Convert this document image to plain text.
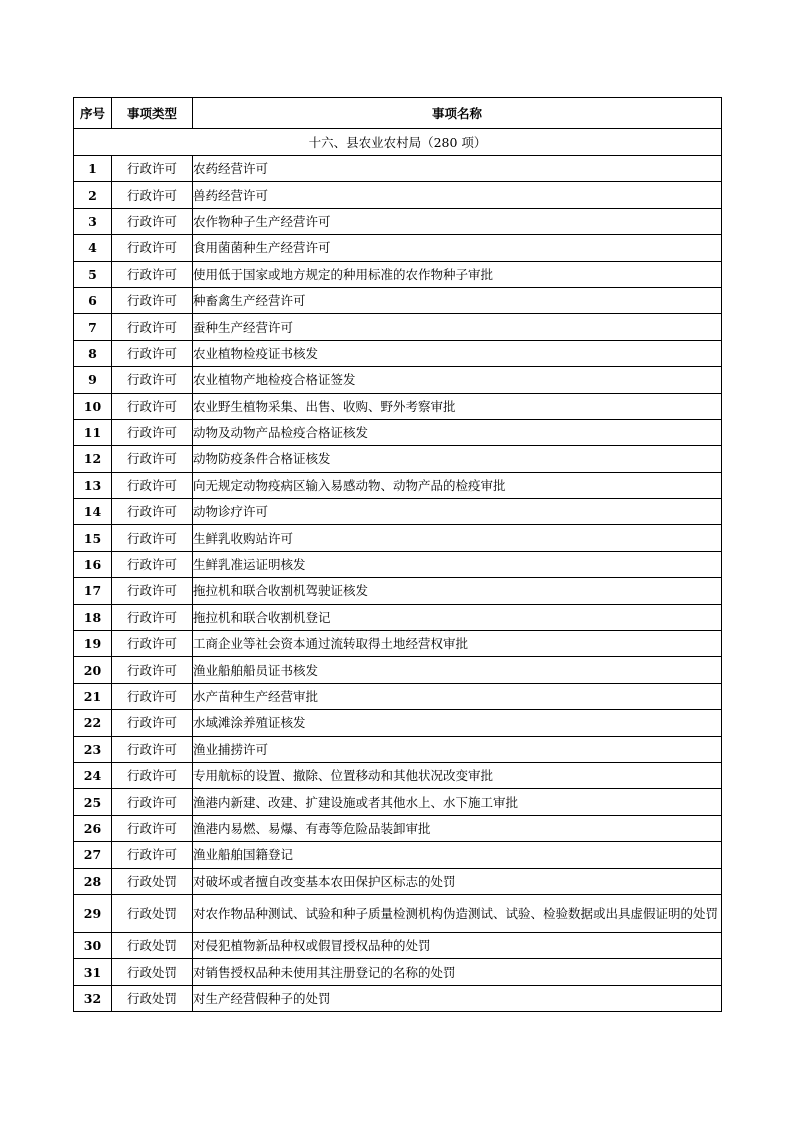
序号	事项类型	事项名称
十六、县农业农村局（280 项）		
1	行政许可	农药经营许可
2	行政许可	兽药经营许可
3	行政许可	农作物种子生产经营许可
4	行政许可	食用菌菌种生产经营许可
5	行政许可	使用低于国家或地方规定的种用标准的农作物种子审批
6	行政许可	种畜禽生产经营许可
7	行政许可	蚕种生产经营许可
8	行政许可	农业植物检疫证书核发
9	行政许可	农业植物产地检疫合格证签发
10	行政许可	农业野生植物采集、出售、收购、野外考察审批
11	行政许可	动物及动物产品检疫合格证核发
12	行政许可	动物防疫条件合格证核发
13	行政许可	向无规定动物疫病区输入易感动物、动物产品的检疫审批
14	行政许可	动物诊疗许可
15	行政许可	生鲜乳收购站许可
16	行政许可	生鲜乳准运证明核发
17	行政许可	拖拉机和联合收割机驾驶证核发
18	行政许可	拖拉机和联合收割机登记
19	行政许可	工商企业等社会资本通过流转取得土地经营权审批
20	行政许可	渔业船舶船员证书核发
21	行政许可	水产苗种生产经营审批
22	行政许可	水域滩涂养殖证核发
23	行政许可	渔业捕捞许可
24	行政许可	专用航标的设置、撤除、位置移动和其他状况改变审批
25	行政许可	渔港内新建、改建、扩建设施或者其他水上、水下施工审批
26	行政许可	渔港内易燃、易爆、有毒等危险品装卸审批
27	行政许可	渔业船舶国籍登记
28	行政处罚	对破坏或者擅自改变基本农田保护区标志的处罚
29	行政处罚	对农作物品种测试、试验和种子质量检测机构伪造测试、试验、检验数据或出具虚假证明的处罚
30	行政处罚	对侵犯植物新品种权或假冒授权品种的处罚
31	行政处罚	对销售授权品种未使用其注册登记的名称的处罚
32	行政处罚	对生产经营假种子的处罚
